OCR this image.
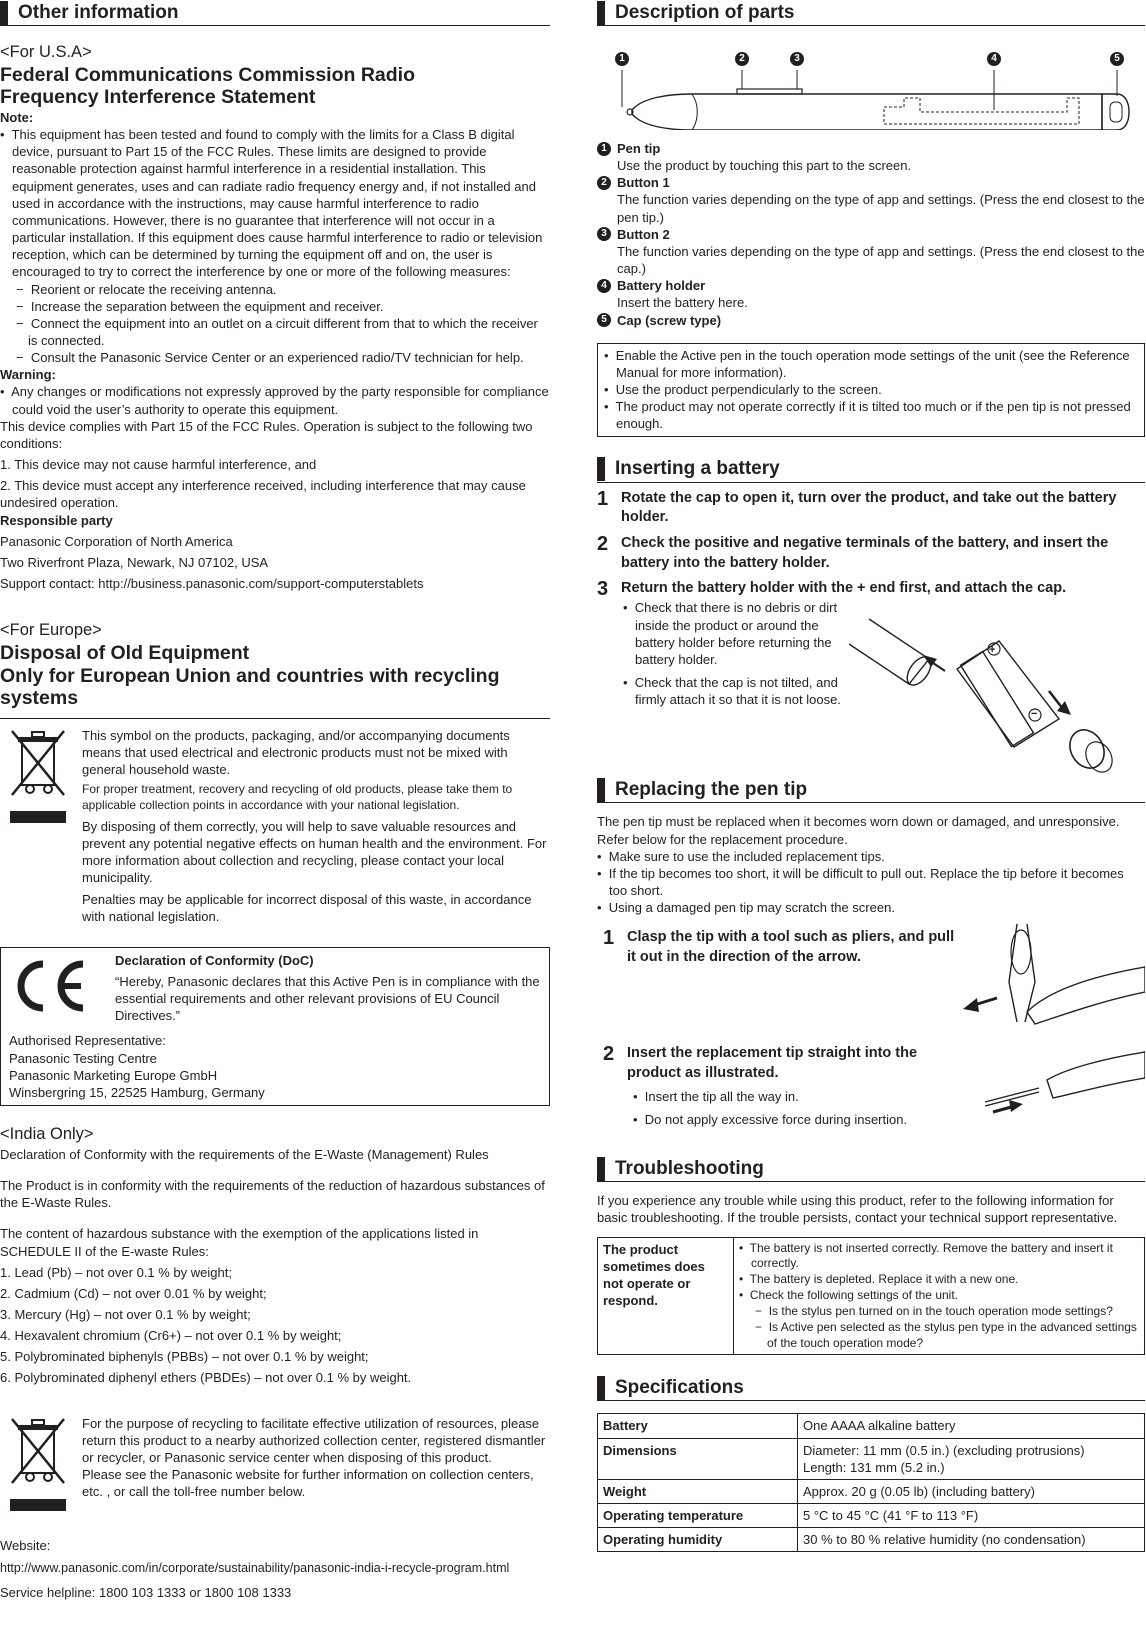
Other information
<For U.S.A>
Federal Communications Commission Radio
Frequency Interference Statement
Note:
•  This equipment has been tested and found to comply with the limits for a Class B digital device, pursuant to Part 15 of the FCC Rules. These limits are designed to provide reasonable protection against harmful interference in a residential installation. This equipment generates, uses and can radiate radio frequency energy and, if not installed and used in accordance with the instructions, may cause harmful interference to radio communications. However, there is no guarantee that interference will not occur in a particular installation. If this equipment does cause harmful interference to radio or television reception, which can be determined by turning the equipment off and on, the user is encouraged to try to correct the interference by one or more of the following measures:
−  Reorient or relocate the receiving antenna.
−  Increase the separation between the equipment and receiver.
−  Connect the equipment into an outlet on a circuit different from that to which the receiver is connected.
−  Consult the Panasonic Service Center or an experienced radio/TV technician for help.
Warning:
•  Any changes or modifications not expressly approved by the party responsible for compliance could void the user’s authority to operate this equipment.
This device complies with Part 15 of the FCC Rules. Operation is subject to the following two conditions:
1. This device may not cause harmful interference, and
2. This device must accept any interference received, including interference that may cause undesired operation.
Responsible party
Panasonic Corporation of North America
Two Riverfront Plaza, Newark, NJ 07102, USA
Support contact: http://business.panasonic.com/support-computerstablets
<For Europe>
Disposal of Old Equipment
Only for European Union and countries with recycling systems
This symbol on the products, packaging, and/or accompanying documents means that used electrical and electronic products must not be mixed with general household waste.
For proper treatment, recovery and recycling of old products, please take them to applicable collection points in accordance with your national legislation.
By disposing of them correctly, you will help to save valuable resources and prevent any potential negative effects on human health and the environment. For more information about collection and recycling, please contact your local municipality.
Penalties may be applicable for incorrect disposal of this waste, in accordance with national legislation.
Declaration of Conformity (DoC)
“Hereby, Panasonic declares that this Active Pen is in compliance with the essential requirements and other relevant provisions of EU Council Directives.”
Authorised Representative:
Panasonic Testing Centre
Panasonic Marketing Europe GmbH
Winsbergring 15, 22525 Hamburg, Germany
<India Only>
Declaration of Conformity with the requirements of the E-Waste (Management) Rules
The Product is in conformity with the requirements of the reduction of hazardous substances of the E-Waste Rules.
The content of hazardous substance with the exemption of the applications listed in SCHEDULE II of the E-waste Rules:
1. Lead (Pb) – not over 0.1 % by weight;
2. Cadmium (Cd) – not over 0.01 % by weight;
3. Mercury (Hg) – not over 0.1 % by weight;
4. Hexavalent chromium (Cr6+) – not over 0.1 % by weight;
5. Polybrominated biphenyls (PBBs) – not over 0.1 % by weight;
6. Polybrominated diphenyl ethers (PBDEs) – not over 0.1 % by weight.
For the purpose of recycling to facilitate effective utilization of resources, please return this product to a nearby authorized collection center, registered dismantler or recycler, or Panasonic service center when disposing of this product.
Please see the Panasonic website for further information on collection centers, etc. , or call the toll-free number below.
Website:
http://www.panasonic.com/in/corporate/sustainability/panasonic-india-i-recycle-program.html
Service helpline: 1800 103 1333 or 1800 108 1333
Description of parts
1	2	3	4	5
1 Pen tip
Use the product by touching this part to the screen.
2 Button 1
The function varies depending on the type of app and settings. (Press the end closest to the pen tip.)
3 Button 2
The function varies depending on the type of app and settings. (Press the end closest to the cap.)
4 Battery holder
Insert the battery here.
5 Cap (screw type)
•  Enable the Active pen in the touch operation mode settings of the unit (see the Reference Manual for more information).
•  Use the product perpendicularly to the screen.
•  The product may not operate correctly if it is tilted too much or if the pen tip is not pressed enough.
Inserting a battery
1 Rotate the cap to open it, turn over the product, and take out the battery holder.
2 Check the positive and negative terminals of the battery, and insert the battery into the battery holder.
3 Return the battery holder with the + end first, and attach the cap.
•  Check that there is no debris or dirt inside the product or around the battery holder before returning the battery holder.
•  Check that the cap is not tilted, and firmly attach it so that it is not loose.
+
−
Replacing the pen tip
The pen tip must be replaced when it becomes worn down or damaged, and unresponsive. Refer below for the replacement procedure.
•  Make sure to use the included replacement tips.
•  If the tip becomes too short, it will be difficult to pull out. Replace the tip before it becomes too short.
•  Using a damaged pen tip may scratch the screen.
1 Clasp the tip with a tool such as pliers, and pull it out in the direction of the arrow.
2 Insert the replacement tip straight into the product as illustrated.
•  Insert the tip all the way in.
•  Do not apply excessive force during insertion.
Troubleshooting
If you experience any trouble while using this product, refer to the following information for basic troubleshooting. If the trouble persists, contact your technical support representative.
The product sometimes does not operate or respond.	
•  The battery is not inserted correctly. Remove the battery and insert it correctly.
•  The battery is depleted. Replace it with a new one.
•  Check the following settings of the unit.
−  Is the stylus pen turned on in the touch operation mode settings?
−  Is Active pen selected as the stylus pen type in the advanced settings of the touch operation mode?
Specifications
Battery	One AAAA alkaline battery
Dimensions	Diameter: 11 mm (0.5 in.) (excluding protrusions)
Length: 131 mm (5.2 in.)

Weight	Approx. 20 g (0.05 lb) (including battery)
Operating temperature	5 °C to 45 °C (41 °F to 113 °F)
Operating humidity	30 % to 80 % relative humidity (no condensation)
